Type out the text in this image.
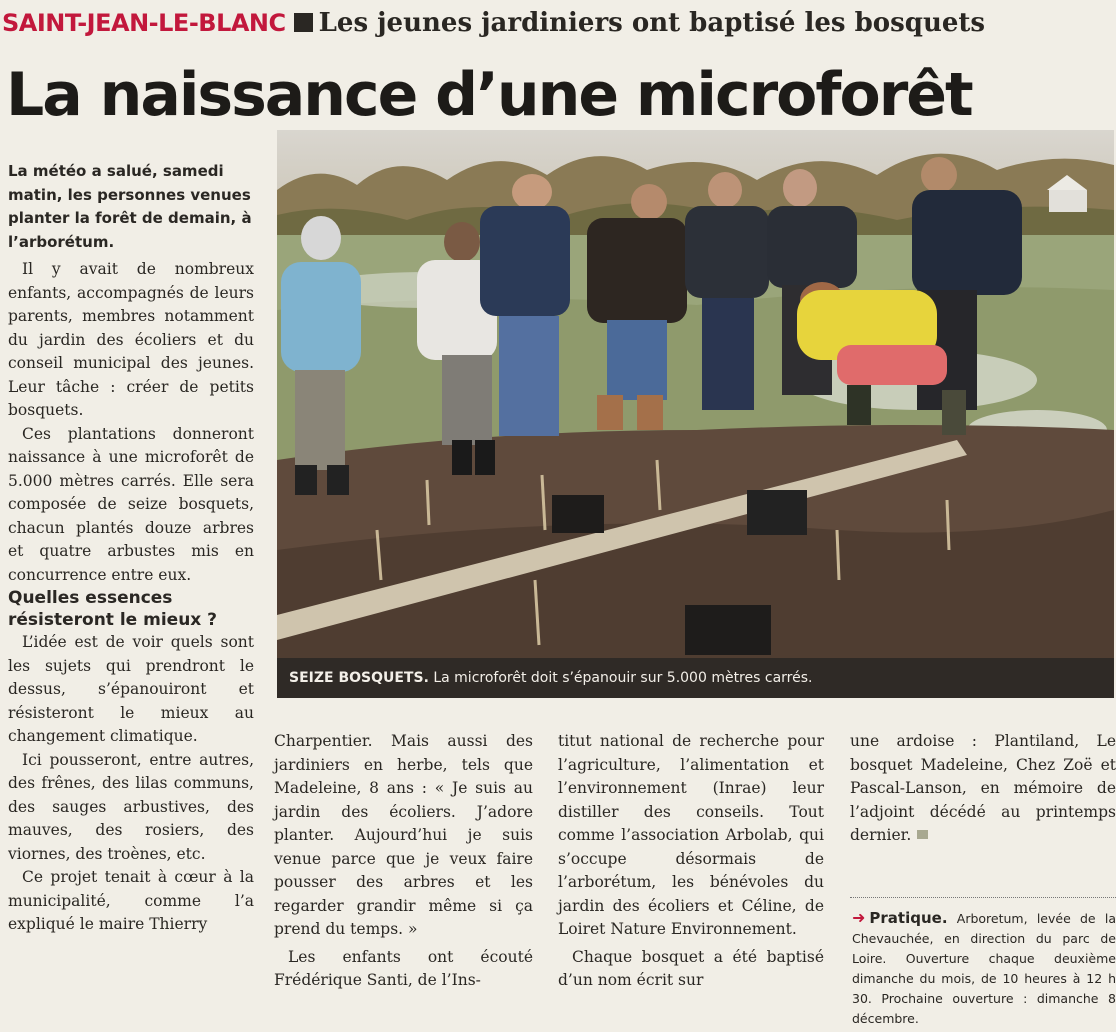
SAINT-JEAN-LE-BLANC Les jeunes jardiniers ont baptisé les bosquets
La naissance d’une microforêt

La météo a salué, samedi matin, les personnes venues planter la forêt de demain, à l’arborétum.

Il y avait de nombreux enfants, accompagnés de leurs parents, membres notamment du jardin des écoliers et du conseil municipal des jeunes. Leur tâche : créer de petits bosquets.

Ces plantations donneront naissance à une microforêt de 5.000 mètres carrés. Elle sera composée de seize bosquets, chacun plantés douze arbres et quatre arbustes mis en concurrence entre eux.

Quelles essences résisteront le mieux ?

L’idée est de voir quels sont les sujets qui prendront le dessus, s’épanouiront et résisteront le mieux au changement climatique.

Ici pousseront, entre autres, des frênes, des lilas communs, des sauges arbustives, des mauves, des rosiers, des viornes, des troènes, etc.

Ce projet tenait à cœur à la municipalité, comme l’a expliqué le maire Thierry

SEIZE BOSQUETS. La microforêt doit s’épanouir sur 5.000 mètres carrés.

Charpentier. Mais aussi des jardiniers en herbe, tels que Madeleine, 8 ans : « Je suis au jardin des écoliers. J’adore planter. Aujourd’hui je suis venue parce que je veux faire pousser des arbres et les regarder grandir même si ça prend du temps. »

Les enfants ont écouté Frédérique Santi, de l’Ins-

titut national de recherche pour l’agriculture, l’alimentation et l’environnement (Inrae) leur distiller des conseils. Tout comme l’association Arbolab, qui s’occupe désormais de l’arborétum, les bénévoles du jardin des écoliers et Céline, de Loiret Nature Environnement.

Chaque bosquet a été baptisé d’un nom écrit sur

une ardoise : Plantiland, Le bosquet Madeleine, Chez Zoë et Pascal-Lanson, en mémoire de l’adjoint décédé au printemps dernier.

➜ Pratique. Arboretum, levée de la Chevauchée, en direction du parc de Loire. Ouverture chaque deuxième dimanche du mois, de 10 heures à 12 h 30. Prochaine ouverture : dimanche 8 décembre.
